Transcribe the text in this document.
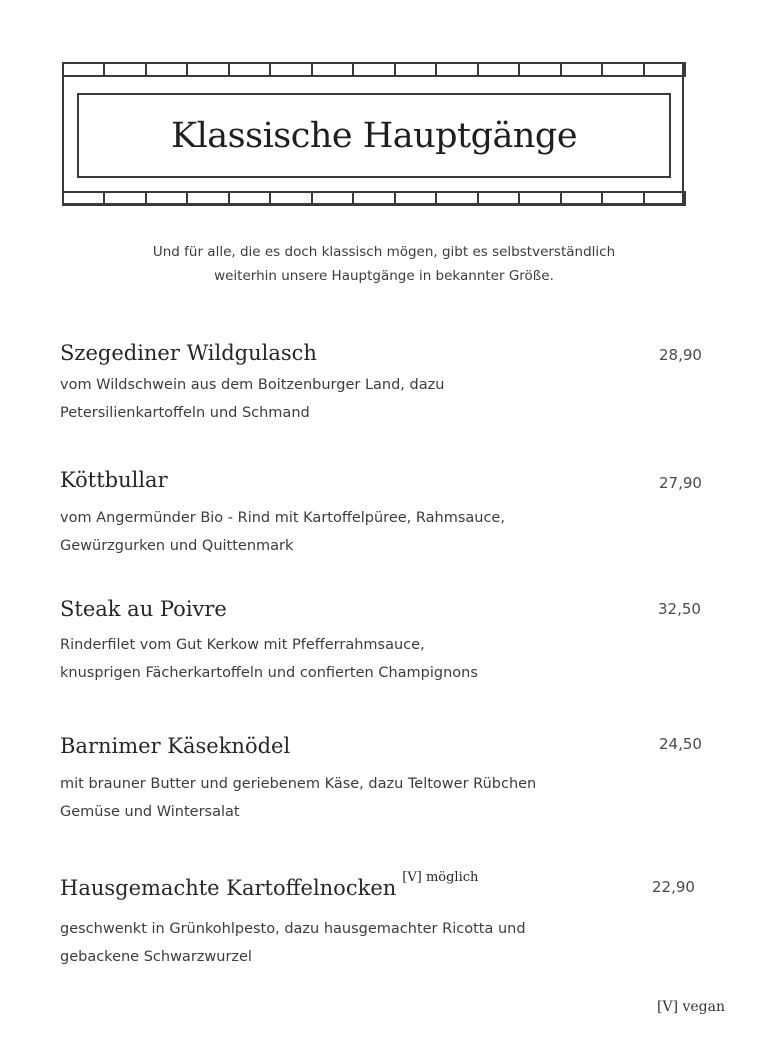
Klassische Hauptgänge
Und für alle, die es doch klassisch mögen, gibt es selbstverständlich
weiterhin unsere Hauptgänge in bekannter Größe.
Szegediner Wildgulasch	28,90
vom Wildschwein aus dem Boitzenburger Land, dazu
Petersilienkartoffeln und Schmand
Köttbullar	27,90
vom Angermünder Bio - Rind mit Kartoffelpüree, Rahmsauce,
Gewürzgurken und Quittenmark
Steak au Poivre	32,50
Rinderfilet vom Gut Kerkow mit Pfefferrahmsauce,
knusprigen Fächerkartoffeln und confierten Champignons
Barnimer Käseknödel	24,50
mit brauner Butter und geriebenem Käse, dazu Teltower Rübchen
Gemüse und Wintersalat
Hausgemachte Kartoffelnocken $^{[V] möglich}$
22,90
geschwenkt in Grünkohlpesto, dazu hausgemachter Ricotta und
gebackene Schwarzwurzel
[V] vegan
